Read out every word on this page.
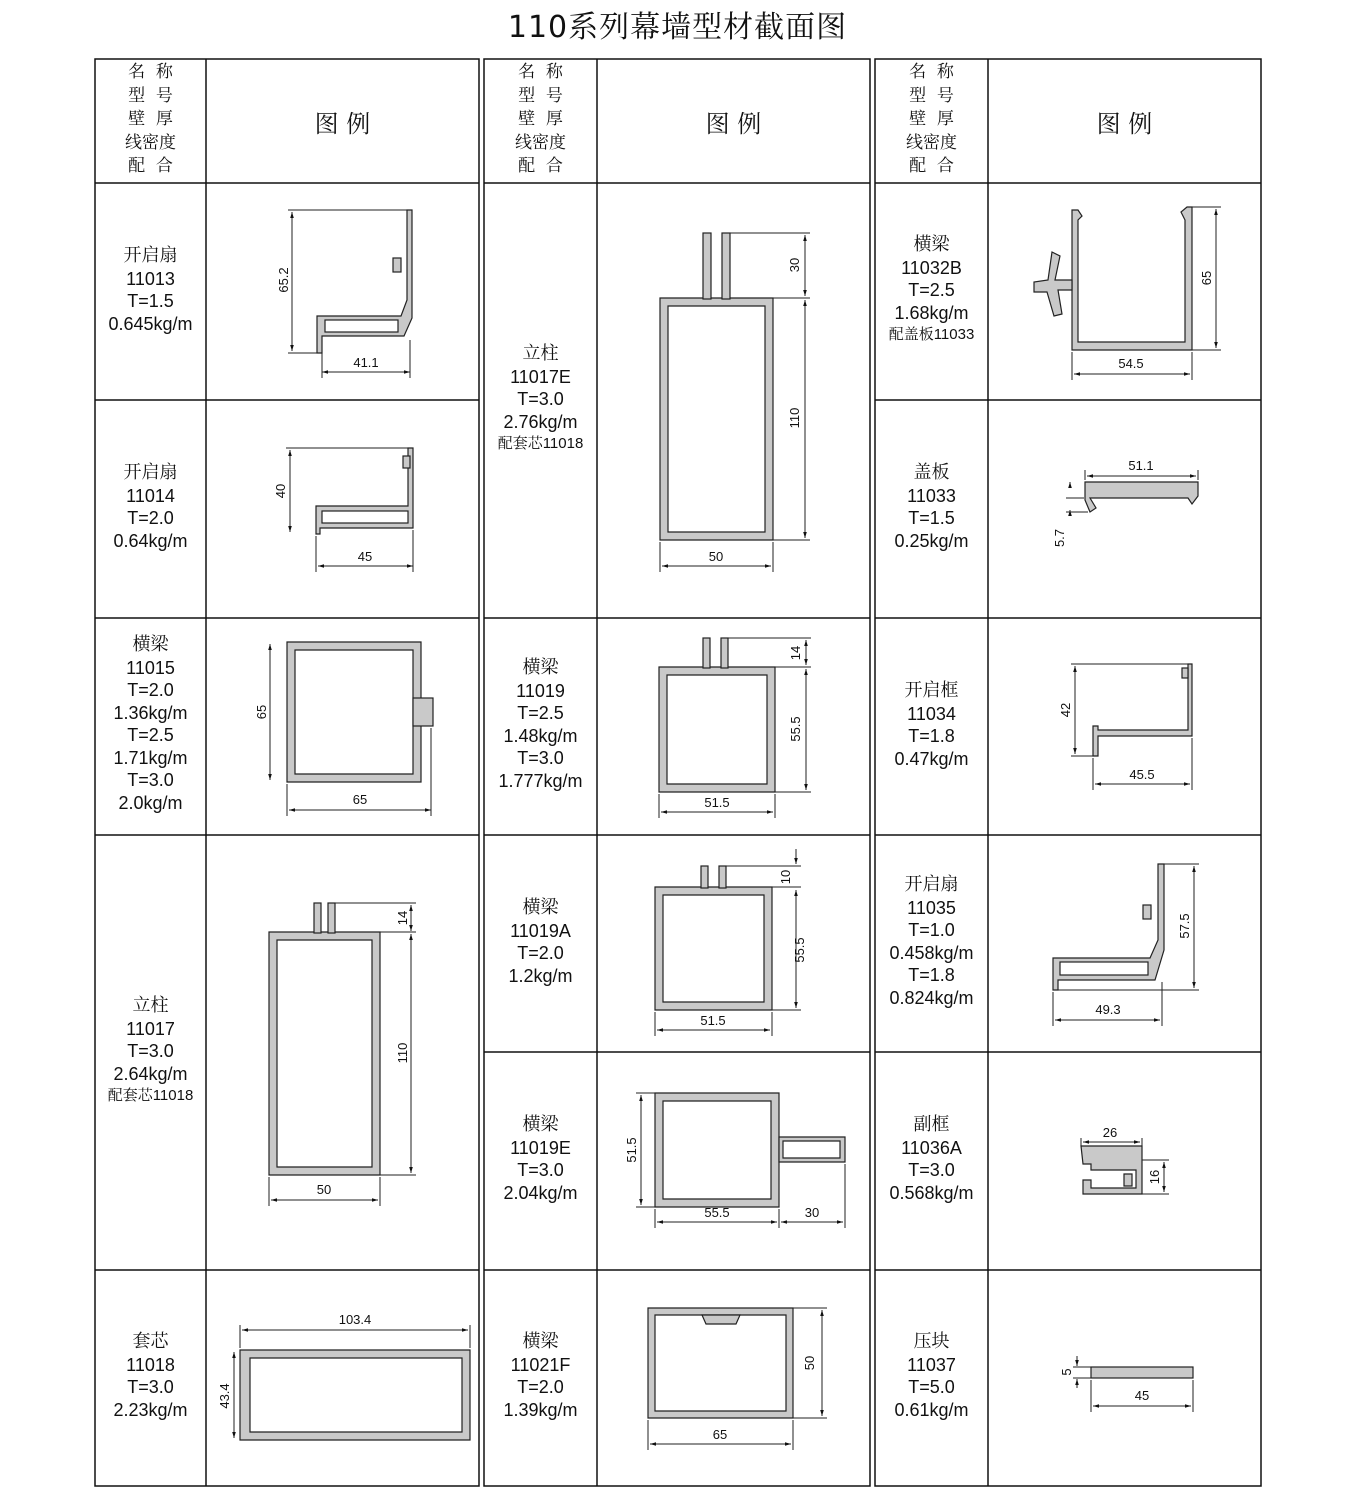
110系列幕墙型材截面图
名  称
型  号
壁  厚
线密度
配  合
图 例
名  称
型  号
壁  厚
线密度
配  合
图 例
名  称
型  号
壁  厚
线密度
配  合
图 例
开启扇
11013
T=1.5
0.645kg/m
开启扇
11014
T=2.0
0.64kg/m
横梁
11015
T=2.0
1.36kg/m
T=2.5
1.71kg/m
T=3.0
2.0kg/m
立柱
11017
T=3.0
2.64kg/m
配套芯11018
套芯
11018
T=3.0
2.23kg/m
立柱
11017E
T=3.0
2.76kg/m
配套芯11018
横梁
11019
T=2.5
1.48kg/m
T=3.0
1.777kg/m
横梁
11019A
T=2.0
1.2kg/m
横梁
11019E
T=3.0
2.04kg/m
横梁
11021F
T=2.0
1.39kg/m
横梁
11032B
T=2.5
1.68kg/m
配盖板11033
盖板
11033
T=1.5
0.25kg/m
开启框
11034
T=1.8
0.47kg/m
开启扇
11035
T=1.0
0.458kg/m
T=1.8
0.824kg/m
副框
11036A
T=3.0
0.568kg/m
压块
11037
T=5.0
0.61kg/m
65.2
41.1
40
45
65
65
14
110
50
103.4
43.4
30
110
50
14
55.5
51.5
10
55.5
51.5
51.5
55.5	30
50
65
65
54.5
51.1
5.7
42
45.5
57.5
49.3
26
16
5
45
